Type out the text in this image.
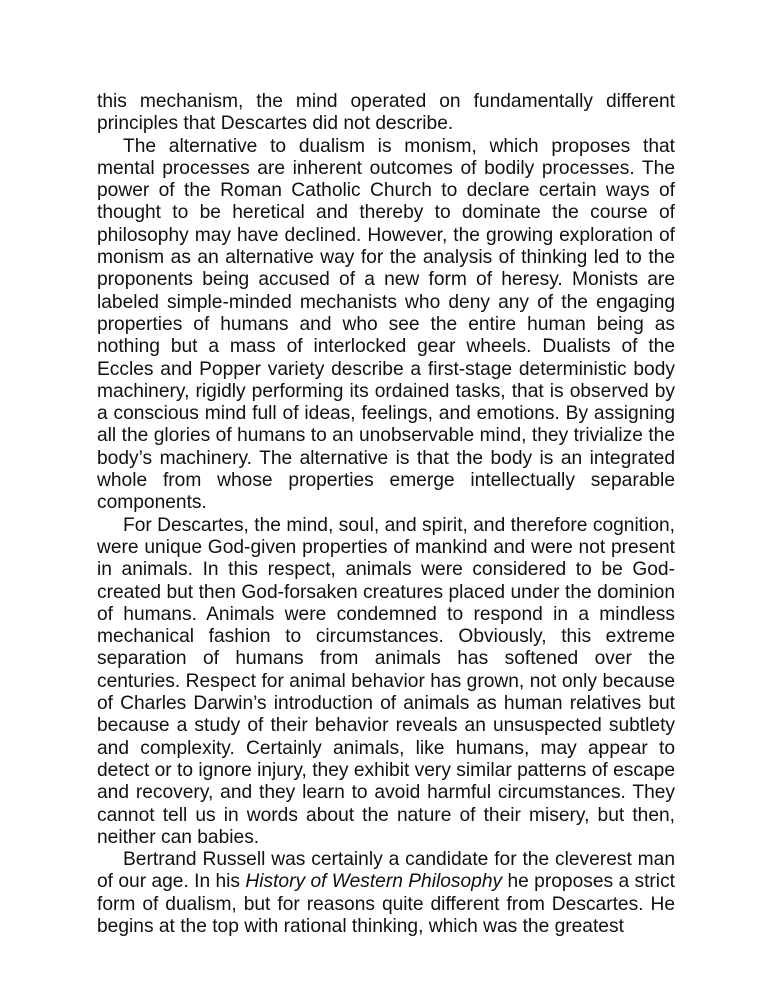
this mechanism, the mind operated on fundamentally different principles that Descartes did not describe.

The alternative to dualism is monism, which proposes that mental processes are inherent outcomes of bodily processes. The power of the Roman Catholic Church to declare certain ways of thought to be heretical and thereby to dominate the course of philosophy may have declined. However, the growing exploration of monism as an alternative way for the analysis of thinking led to the proponents being accused of a new form of heresy. Monists are labeled simple-minded mechanists who deny any of the engaging properties of humans and who see the entire human being as nothing but a mass of interlocked gear wheels. Dualists of the Eccles and Popper variety describe a first-stage deterministic body machinery, rigidly performing its ordained tasks, that is observed by a conscious mind full of ideas, feelings, and emotions. By assigning all the glories of humans to an unobservable mind, they trivialize the body’s machinery. The alternative is that the body is an integrated whole from whose properties emerge intellectually separable components.

For Descartes, the mind, soul, and spirit, and therefore cognition, were unique God-given properties of mankind and were not present in animals. In this respect, animals were considered to be God-created but then God-forsaken creatures placed under the dominion of humans. Animals were condemned to respond in a mindless mechanical fashion to circumstances. Obviously, this extreme separation of humans from animals has softened over the centuries. Respect for animal behavior has grown, not only because of Charles Darwin’s introduction of animals as human relatives but because a study of their behavior reveals an unsuspected subtlety and complexity. Certainly animals, like humans, may appear to detect or to ignore injury, they exhibit very similar patterns of escape and recovery, and they learn to avoid harmful circumstances. They cannot tell us in words about the nature of their misery, but then, neither can babies.

Bertrand Russell was certainly a candidate for the cleverest man of our age. In his History of Western Philosophy he proposes a strict form of dualism, but for reasons quite different from Descartes. He begins at the top with rational thinking, which was the greatest
